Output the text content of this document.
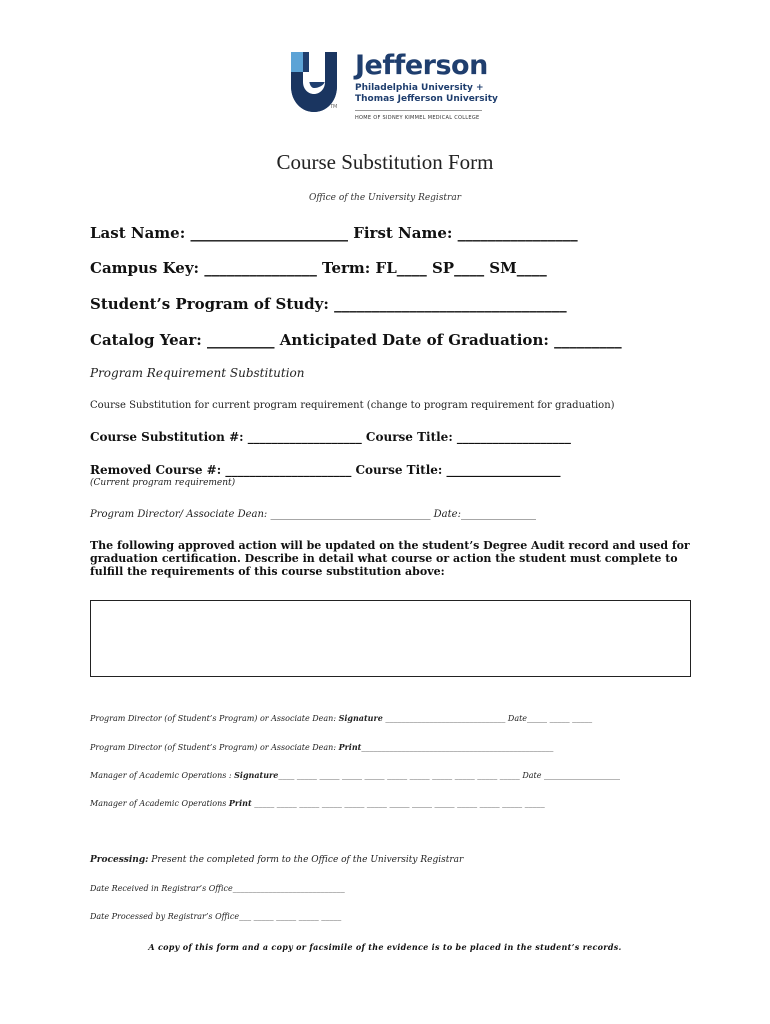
Jefferson
Philadelphia University +
Thomas Jefferson University
TM
HOME OF SIDNEY KIMMEL MEDICAL COLLEGE
Course Substitution Form
Office of the University Registrar
Last Name: _____________________ First Name: ________________
Campus Key: _______________ Term: FL____ SP____ SM____
Student’s Program of Study: _______________________________
Catalog Year: _________ Anticipated Date of Graduation: _________
Program Requirement Substitution
Course Substitution for current program requirement (change to program requirement for graduation)
Course Substitution #: ___________________ Course Title: ___________________
Removed Course #: _____________________ Course Title: ___________________
(Current program requirement)
Program Director/ Associate Dean: ________________________________ Date:_______________
The following approved action will be updated on the student’s Degree Audit record and used for graduation certification. Describe in detail what course or action the student must complete to fulfill the requirements of this course substitution above:
Program Director (of Student’s Program) or Associate Dean: Signature ______________________________ Date_____ _____ _____
Program Director (of Student’s Program) or Associate Dean: Print________________________________________________
Manager of Academic Operations : Signature____ _____ _____ _____ _____ _____ _____ _____ _____ _____ _____ Date ___________________
Manager of Academic Operations Print _____ _____ _____ _____ _____ _____ _____ _____ _____ _____ _____ _____ _____
Processing: Present the completed form to the Office of the University Registrar
Date Received in Registrar’s Office____________________________
Date Processed by Registrar’s Office___ _____ _____ _____ _____
A copy of this form and a copy or facsimile of the evidence is to be placed in the student’s records.
